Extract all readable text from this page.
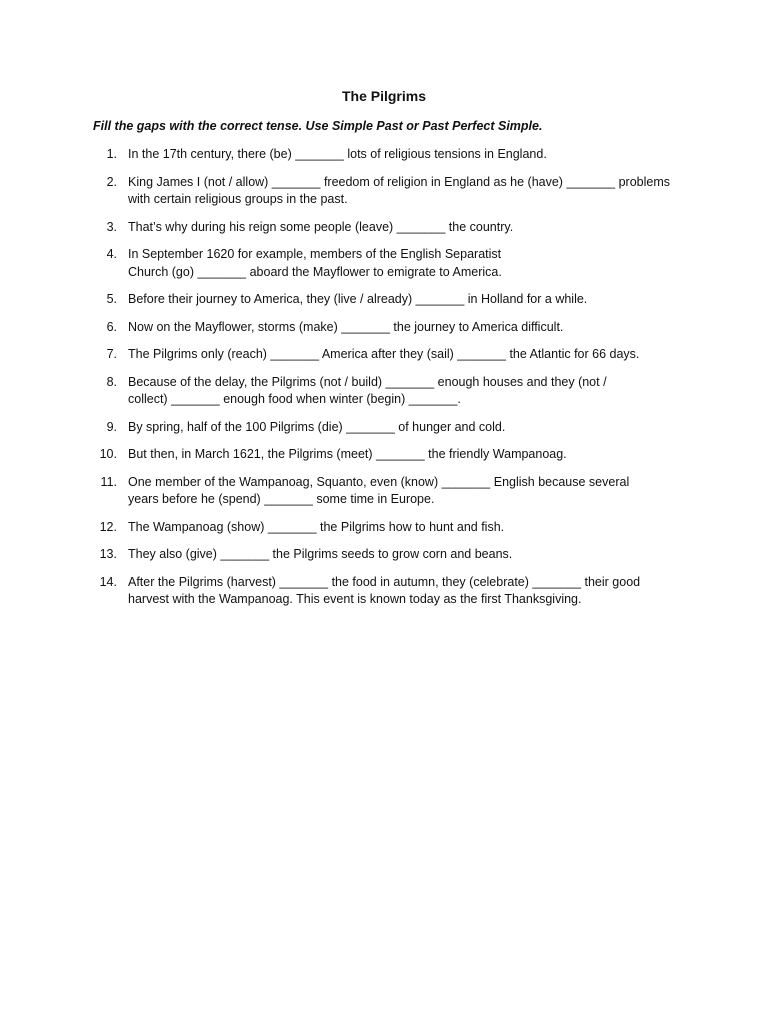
The Pilgrims
Fill the gaps with the correct tense. Use Simple Past or Past Perfect Simple.
1. In the 17th century, there (be) _______ lots of religious tensions in England.
2. King James I (not / allow) _______ freedom of religion in England as he (have) _______ problems with certain religious groups in the past.
3. That’s why during his reign some people (leave) _______ the country.
4. In September 1620 for example, members of the English Separatist Church (go) _______ aboard the Mayflower to emigrate to America.
5. Before their journey to America, they (live / already) _______ in Holland for a while.
6. Now on the Mayflower, storms (make) _______ the journey to America difficult.
7. The Pilgrims only (reach) _______ America after they (sail) _______ the Atlantic for 66 days.
8. Because of the delay, the Pilgrims (not / build) _______ enough houses and they (not / collect) _______ enough food when winter (begin) _______.
9. By spring, half of the 100 Pilgrims (die) _______ of hunger and cold.
10. But then, in March 1621, the Pilgrims (meet) _______ the friendly Wampanoag.
11. One member of the Wampanoag, Squanto, even (know) _______ English because several years before he (spend) _______ some time in Europe.
12. The Wampanoag (show) _______ the Pilgrims how to hunt and fish.
13. They also (give) _______ the Pilgrims seeds to grow corn and beans.
14. After the Pilgrims (harvest) _______ the food in autumn, they (celebrate) _______ their good harvest with the Wampanoag. This event is known today as the first Thanksgiving.
